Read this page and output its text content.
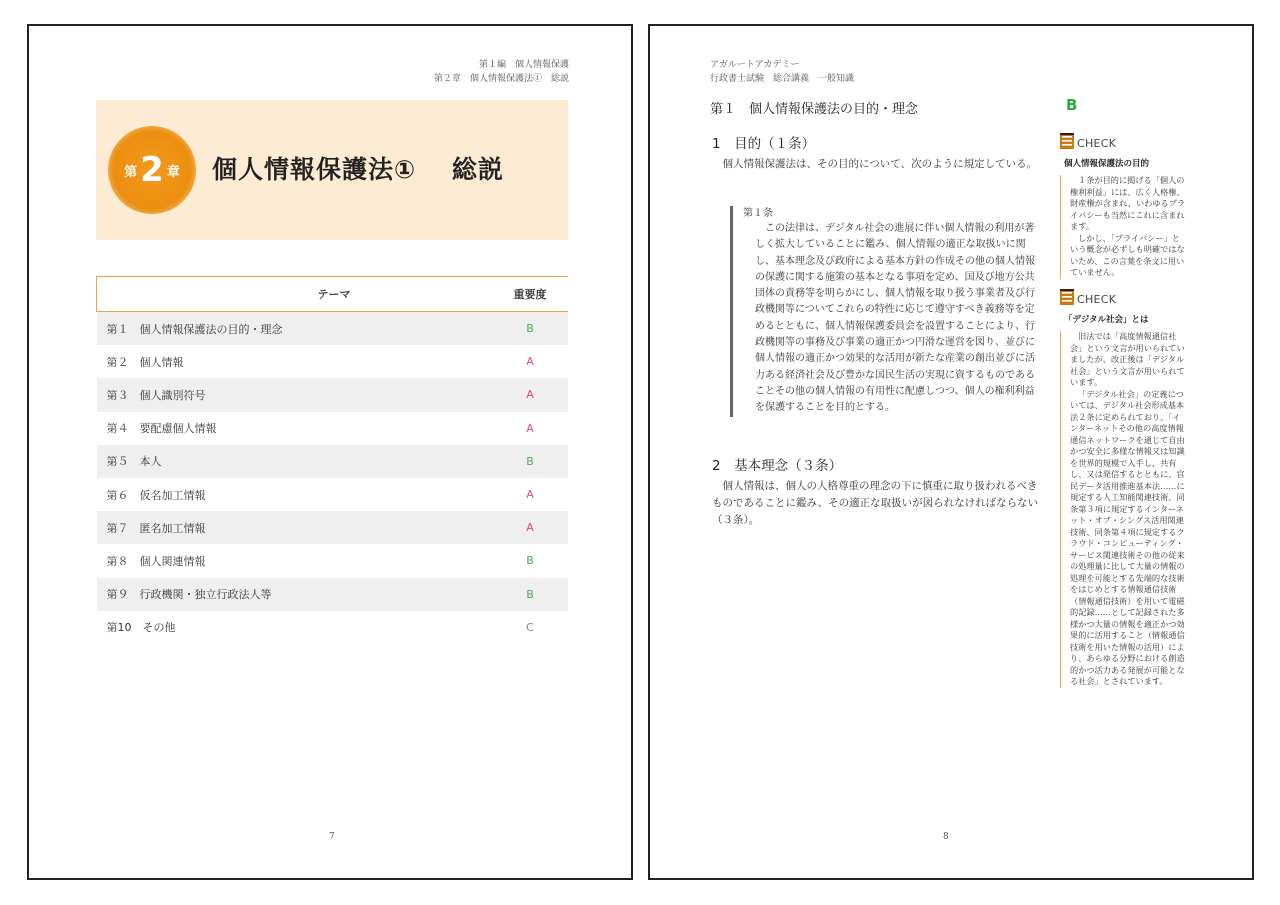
第１編　個人情報保護
第２章　個人情報保護法①　総説
第 2 章 個人情報保護法①　 総説
テーマ	重要度
第１　個人情報保護法の目的・理念	B
第２　個人情報	A
第３　個人識別符号	A
第４　要配慮個人情報	A
第５　本人	B
第６　仮名加工情報	A
第７　匿名加工情報	A
第８　個人関連情報	B
第９　行政機関・独立行政法人等	B
第10　その他	C
7
アガルートアカデミー
行政書士試験　総合講義　一般知識
第１　個人情報保護法の目的・理念	B
1　目的（１条）
個人情報保護法は、その目的について、次のように規定している。
第１条
この法律は、デジタル社会の進展に伴い個人情報の利用が著しく拡大していることに鑑み、個人情報の適正な取扱いに関し、基本理念及び政府による基本方針の作成その他の個人情報の保護に関する施策の基本となる事項を定め、国及び地方公共団体の責務等を明らかにし、個人情報を取り扱う事業者及び行政機関等についてこれらの特性に応じて遵守すべき義務等を定めるとともに、個人情報保護委員会を設置することにより、行政機関等の事務及び事業の適正かつ円滑な運営を図り、並びに個人情報の適正かつ効果的な活用が新たな産業の創出並びに活力ある経済社会及び豊かな国民生活の実現に資するものであることその他の個人情報の有用性に配慮しつつ、個人の権利利益を保護することを目的とする。
2　基本理念（３条）
個人情報は、個人の人格尊重の理念の下に慎重に取り扱われるべきものであることに鑑み、その適正な取扱いが図られなければならない（３条）。
CHECK
個人情報保護法の目的

１条が目的に掲げる「個人の権利利益」には、広く人格権、財産権が含まれ、いわゆるプライバシーも当然にこれに含まれます。

しかし、「プライバシー」という概念が必ずしも明確ではないため、この言葉を条文に用いていません。

CHECK
「デジタル社会」とは

旧法では「高度情報通信社会」という文言が用いられていましたが、改正後は「デジタル社会」という文言が用いられています。

「デジタル社会」の定義については、デジタル社会形成基本法２条に定められており、「インターネットその他の高度情報通信ネットワークを通じて自由かつ安全に多様な情報又は知識を世界的規模で入手し、共有し、又は発信するとともに、官民データ活用推進基本法……に規定する人工知能関連技術、同条第３項に規定するインターネット・オブ・シングス活用関連技術、同条第４項に規定するクラウド・コンピューティング・サービス関連技術その他の従来の処理量に比して大量の情報の処理を可能とする先端的な技術をはじめとする情報通信技術（情報通信技術）を用いて電磁的記録……として記録された多様かつ大量の情報を適正かつ効果的に活用すること（情報通信技術を用いた情報の活用）により、あらゆる分野における創造的かつ活力ある発展が可能となる社会」とされています。

8
